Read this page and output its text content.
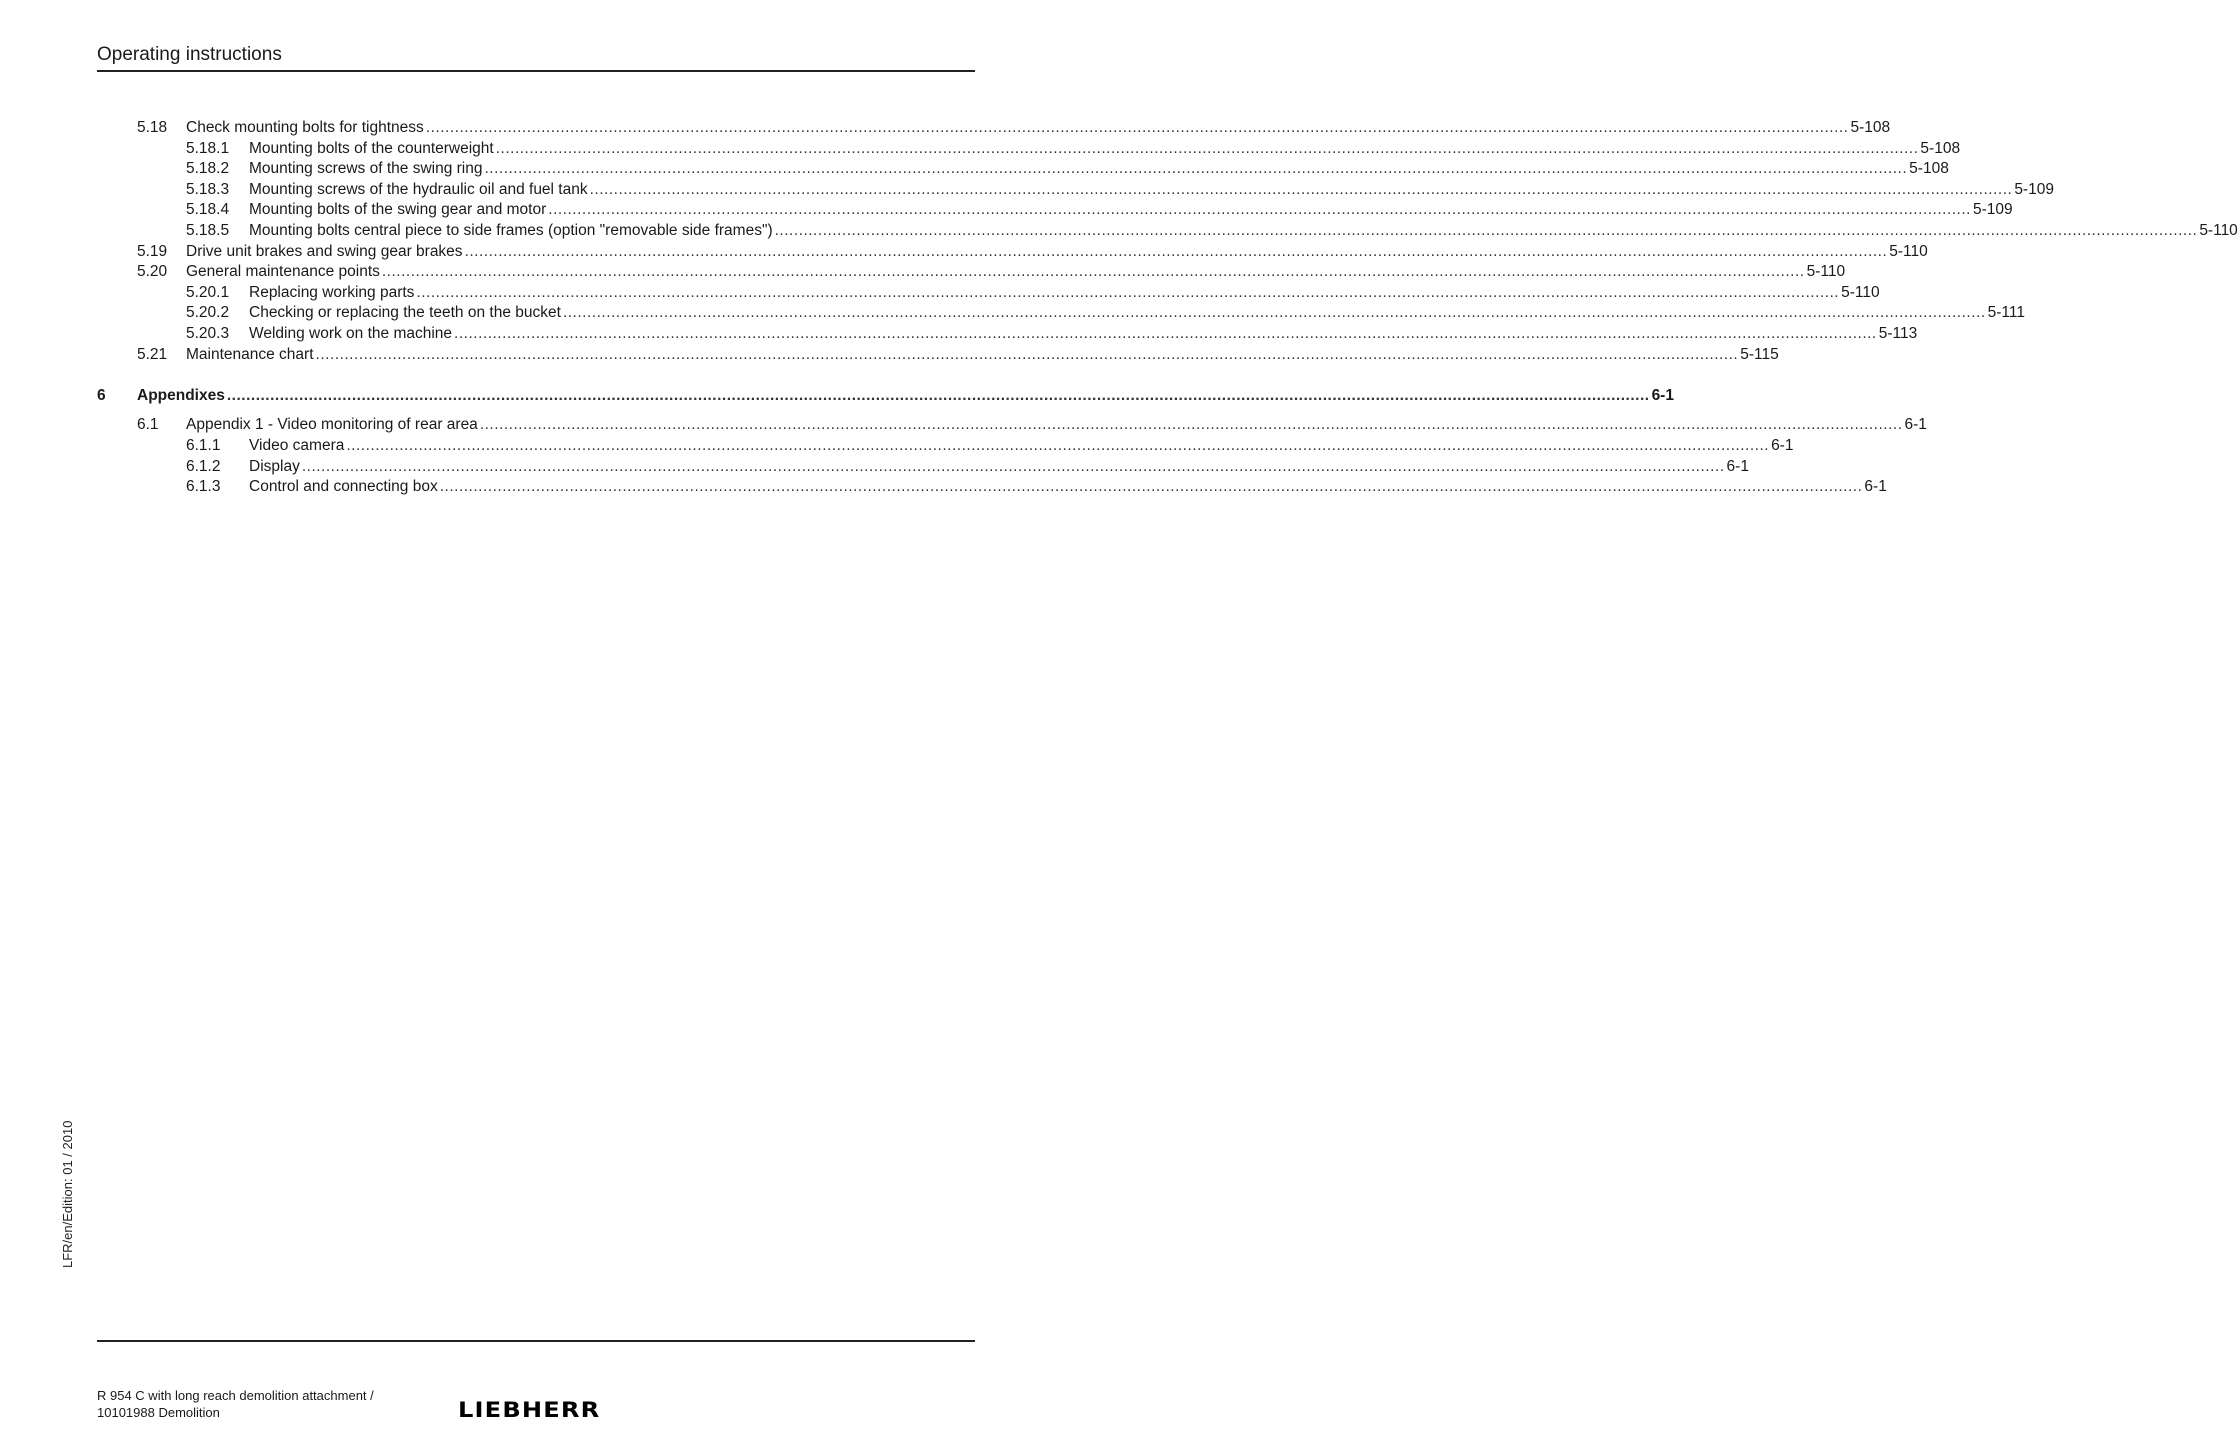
Operating instructions
5.18	Check mounting bolts for tightness .....	5-108
5.18.1	Mounting bolts of the counterweight .....	5-108
5.18.2	Mounting screws of the swing ring .....	5-108
5.18.3	Mounting screws of the hydraulic oil and fuel tank .....	5-109
5.18.4	Mounting bolts of the swing gear and motor .....	5-109
5.18.5	Mounting bolts central piece to side frames (option "removable side frames") .....	5-110
5.19	Drive unit brakes and swing gear brakes .....	5-110
5.20	General maintenance points .....	5-110
5.20.1	Replacing working parts .....	5-110
5.20.2	Checking or replacing the teeth on the bucket .....	5-111
5.20.3	Welding work on the machine .....	5-113
5.21	Maintenance chart .....	5-115
6	Appendixes .....	6-1
6.1	Appendix 1 - Video monitoring of rear area .....	6-1
6.1.1	Video camera .....	6-1
6.1.2	Display .....	6-1
6.1.3	Control and connecting box .....	6-1
LFR/en/Edition: 01 / 2010
R 954 C with long reach demolition attachment /
10101988 Demolition	LIEBHERR
